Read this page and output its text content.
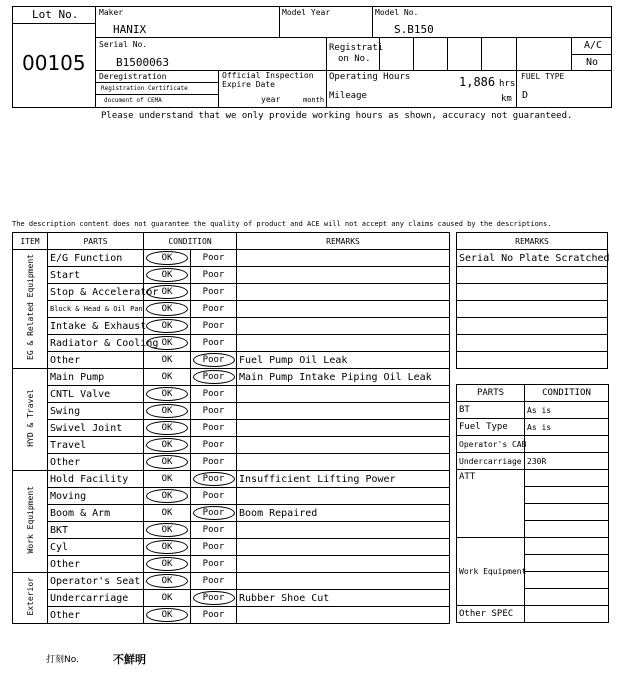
Lot No.
00105
Maker
HANIX
Model Year	Model No.
S.B150
Serial No.
B1500063
Registrati
on No.
A/C
No
Deregistration
Registration Certificate
document of CEMA
Official Inspection
Expire Date
year	month
Operating Hours	1,886 hrs
Mileage	km
FUEL TYPE
D
Please understand that we only provide working hours as shown, accuracy not guaranteed.
The description content does not guarantee the quality of product and ACE will not accept any claims caused by the descriptions.
ITEM	PARTS	CONDITION		REMARKS
EG & Related Equipment	E/G Function	OK	Poor	
	Start	OK	Poor	
	Stop & Accelerator	OK	Poor	
	Block & Head & Oil Pan	OK	Poor	
	Intake & Exhaust	OK	Poor	
	Radiator & Cooling	OK	Poor	
	Other	OK	Poor	Fuel Pump Oil Leak
HYD & Travel	Main Pump	OK	Poor	Main Pump Intake Piping Oil Leak
	CNTL Valve	OK	Poor	
	Swing	OK	Poor	
	Swivel Joint	OK	Poor	
	Travel	OK	Poor	
	Other	OK	Poor	
Work Equipment	Hold Facility	OK	Poor	Insufficient Lifting Power
	Moving	OK	Poor	
	Boom & Arm	OK	Poor	Boom Repaired
	BKT	OK	Poor	
	Cyl	OK	Poor	
	Other	OK	Poor	
Exterior	Operator's Seat	OK	Poor	
	Undercarriage	OK	Poor	Rubber Shoe Cut
	Other	OK	Poor	
REMARKS
Serial No Plate Scratched

PARTS	CONDITION
BT	As is
Fuel Type	As is
Operator's CAB	
Undercarriage	230R
ATT	

Work Equipment	

Other SPEC	
打刻No.	不鮮明
